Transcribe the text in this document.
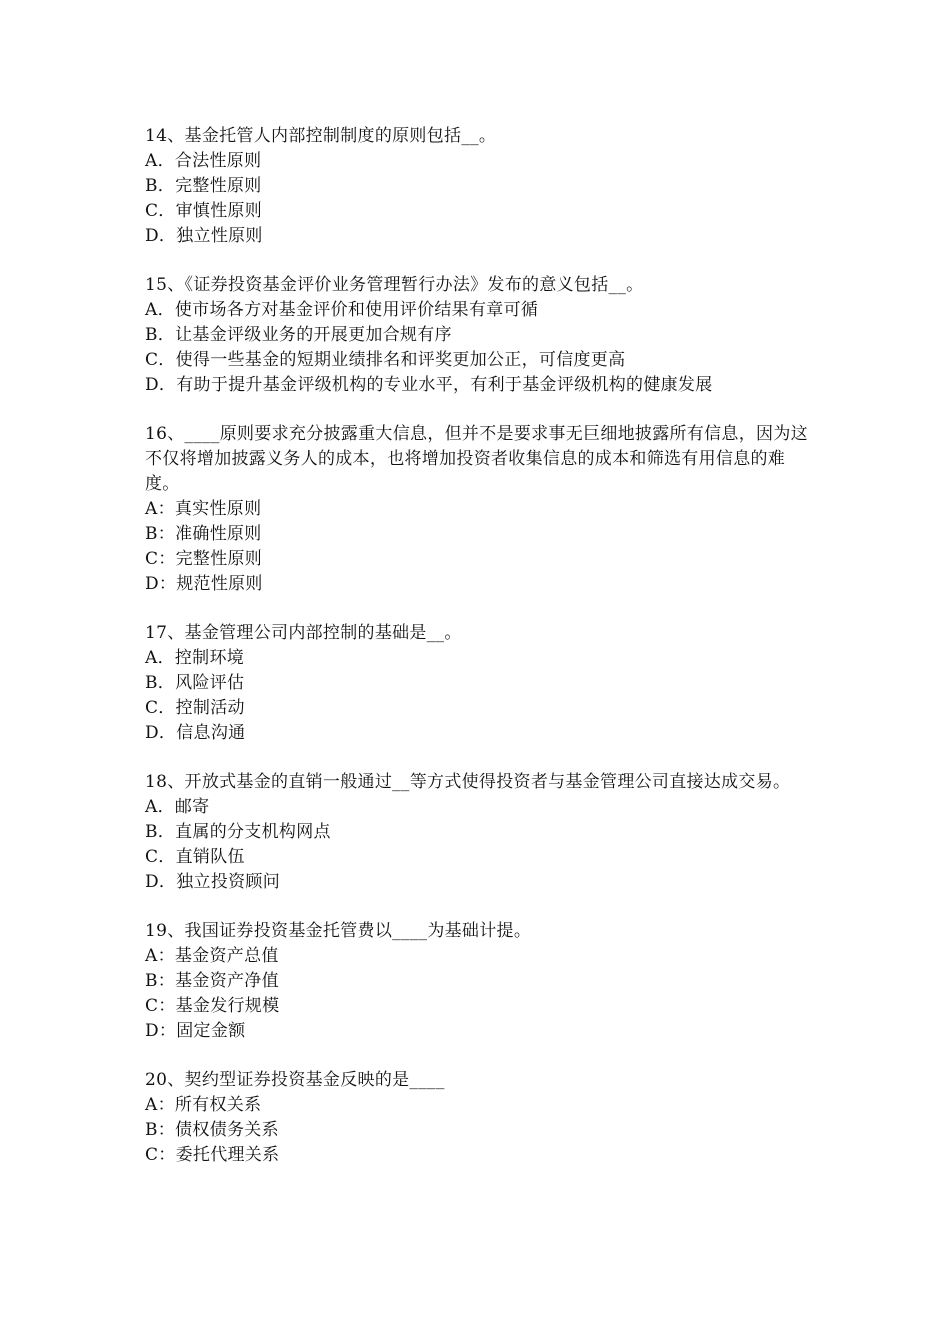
14、基金托管人内部控制制度的原则包括__。
A．合法性原则
B．完整性原则
C．审慎性原则
D．独立性原则
15、《证券投资基金评价业务管理暂行办法》发布的意义包括__。
A．使市场各方对基金评价和使用评价结果有章可循
B．让基金评级业务的开展更加合规有序
C．使得一些基金的短期业绩排名和评奖更加公正，可信度更高
D．有助于提升基金评级机构的专业水平，有利于基金评级机构的健康发展
16、____原则要求充分披露重大信息，但并不是要求事无巨细地披露所有信息，因为这不仅将增加披露义务人的成本，也将增加投资者收集信息的成本和筛选有用信息的难度。
A：真实性原则
B：准确性原则
C：完整性原则
D：规范性原则
17、基金管理公司内部控制的基础是__。
A．控制环境
B．风险评估
C．控制活动
D．信息沟通
18、开放式基金的直销一般通过__等方式使得投资者与基金管理公司直接达成交易。
A．邮寄
B．直属的分支机构网点
C．直销队伍
D．独立投资顾问
19、我国证券投资基金托管费以____为基础计提。
A：基金资产总值
B：基金资产净值
C：基金发行规模
D：固定金额
20、契约型证券投资基金反映的是____
A：所有权关系
B：债权债务关系
C：委托代理关系
